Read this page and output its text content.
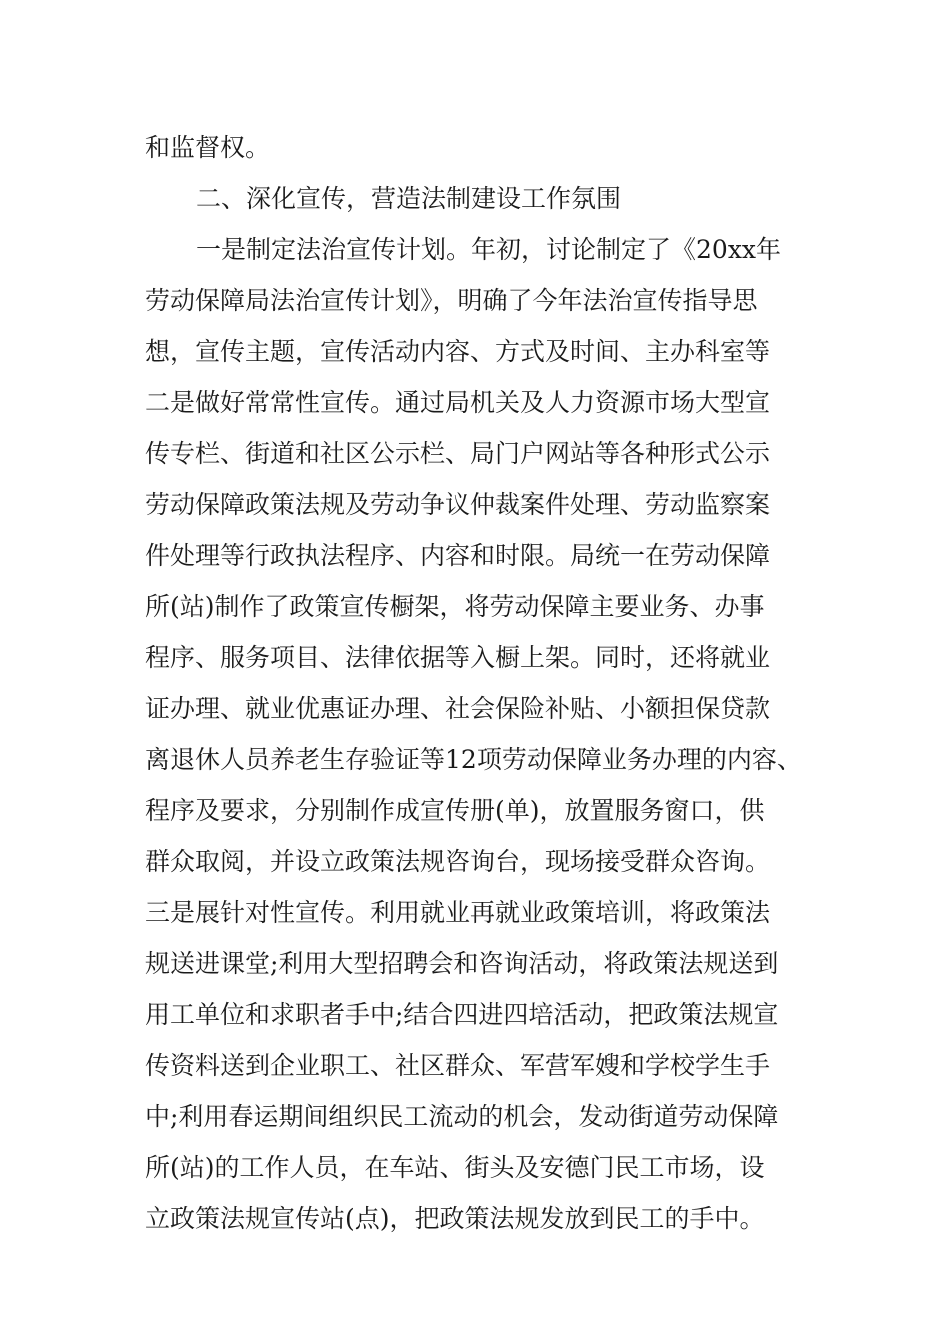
和监督权。
二、深化宣传，营造法制建设工作氛围
一是制定法治宣传计划。年初，讨论制定了《20xx年
劳动保障局法治宣传计划》，明确了今年法治宣传指导思
想，宣传主题，宣传活动内容、方式及时间、主办科室等
二是做好常常性宣传。通过局机关及人力资源市场大型宣
传专栏、街道和社区公示栏、局门户网站等各种形式公示
劳动保障政策法规及劳动争议仲裁案件处理、劳动监察案
件处理等行政执法程序、内容和时限。局统一在劳动保障
所(站)制作了政策宣传橱架，将劳动保障主要业务、办事
程序、服务项目、法律依据等入橱上架。同时，还将就业
证办理、就业优惠证办理、社会保险补贴、小额担保贷款
离退休人员养老生存验证等12项劳动保障业务办理的内容、
程序及要求，分别制作成宣传册(单)，放置服务窗口，供
群众取阅，并设立政策法规咨询台，现场接受群众咨询。
三是展针对性宣传。利用就业再就业政策培训，将政策法
规送进课堂;利用大型招聘会和咨询活动，将政策法规送到
用工单位和求职者手中;结合四进四培活动，把政策法规宣
传资料送到企业职工、社区群众、军营军嫂和学校学生手
中;利用春运期间组织民工流动的机会，发动街道劳动保障
所(站)的工作人员，在车站、街头及安德门民工市场，设
立政策法规宣传站(点)，把政策法规发放到民工的手中。
